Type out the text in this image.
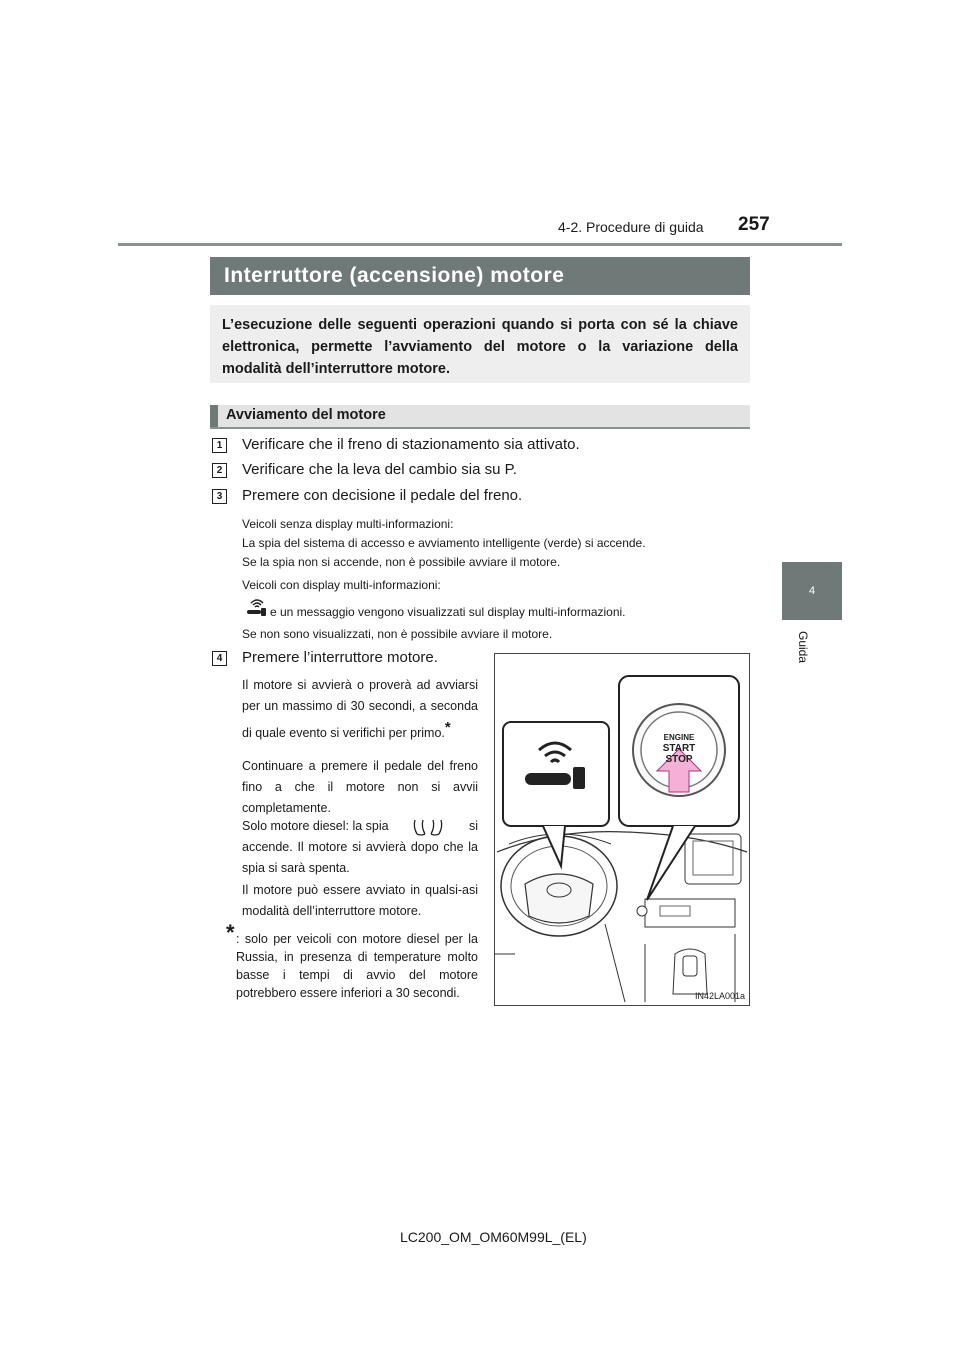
4-2. Procedure di guida 257
4
Guida
Interruttore (accensione) motore
L’esecuzione delle seguenti operazioni quando si porta con sé la chiave elettronica, permette l’avviamento del motore o la variazione della modalità dell’interruttore motore.
Avviamento del motore
1	Verificare che il freno di stazionamento sia attivato.
2	Verificare che la leva del cambio sia su P.
3	Premere con decisione il pedale del freno.
Veicoli senza display multi-informazioni:
La spia del sistema di accesso e avviamento intelligente (verde) si accende.
Se la spia non si accende, non è possibile avviare il motore.
Veicoli con display multi-informazioni:
e un messaggio vengono visualizzati sul display multi-informazioni.
Se non sono visualizzati, non è possibile avviare il motore.
4	Premere l’interruttore motore.
Il motore si avvierà o proverà ad avviarsi per un massimo di 30 secondi, a seconda di quale evento si verifichi per primo.*
Continuare a premere il pedale del freno fino a che il motore non si avvii completamente.
Solo motore diesel: la spia	si
accende. Il motore si avvierà dopo che la spia si sarà spenta.
Il motore può essere avviato in qualsi-asi modalità dell’interruttore motore.
* : solo per veicoli con motore diesel per la Russia, in presenza di temperature molto basse i tempi di avvio del motore potrebbero essere inferiori a 30 secondi.
ENGINE
START
STOP
IN42LA001a
LC200_OM_OM60M99L_(EL)
